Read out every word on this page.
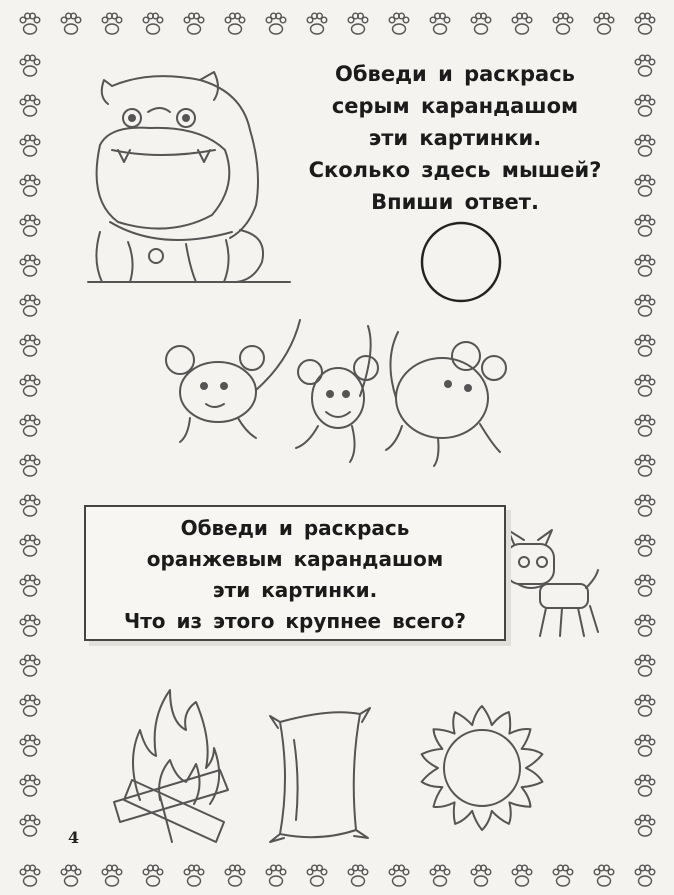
Обведи и раскрась
серым карандашом
эти картинки.
Сколько здесь мышей?
Впиши ответ.
Обведи и раскрась
оранжевым карандашом
эти картинки.
Что из этого крупнее всего?
4
